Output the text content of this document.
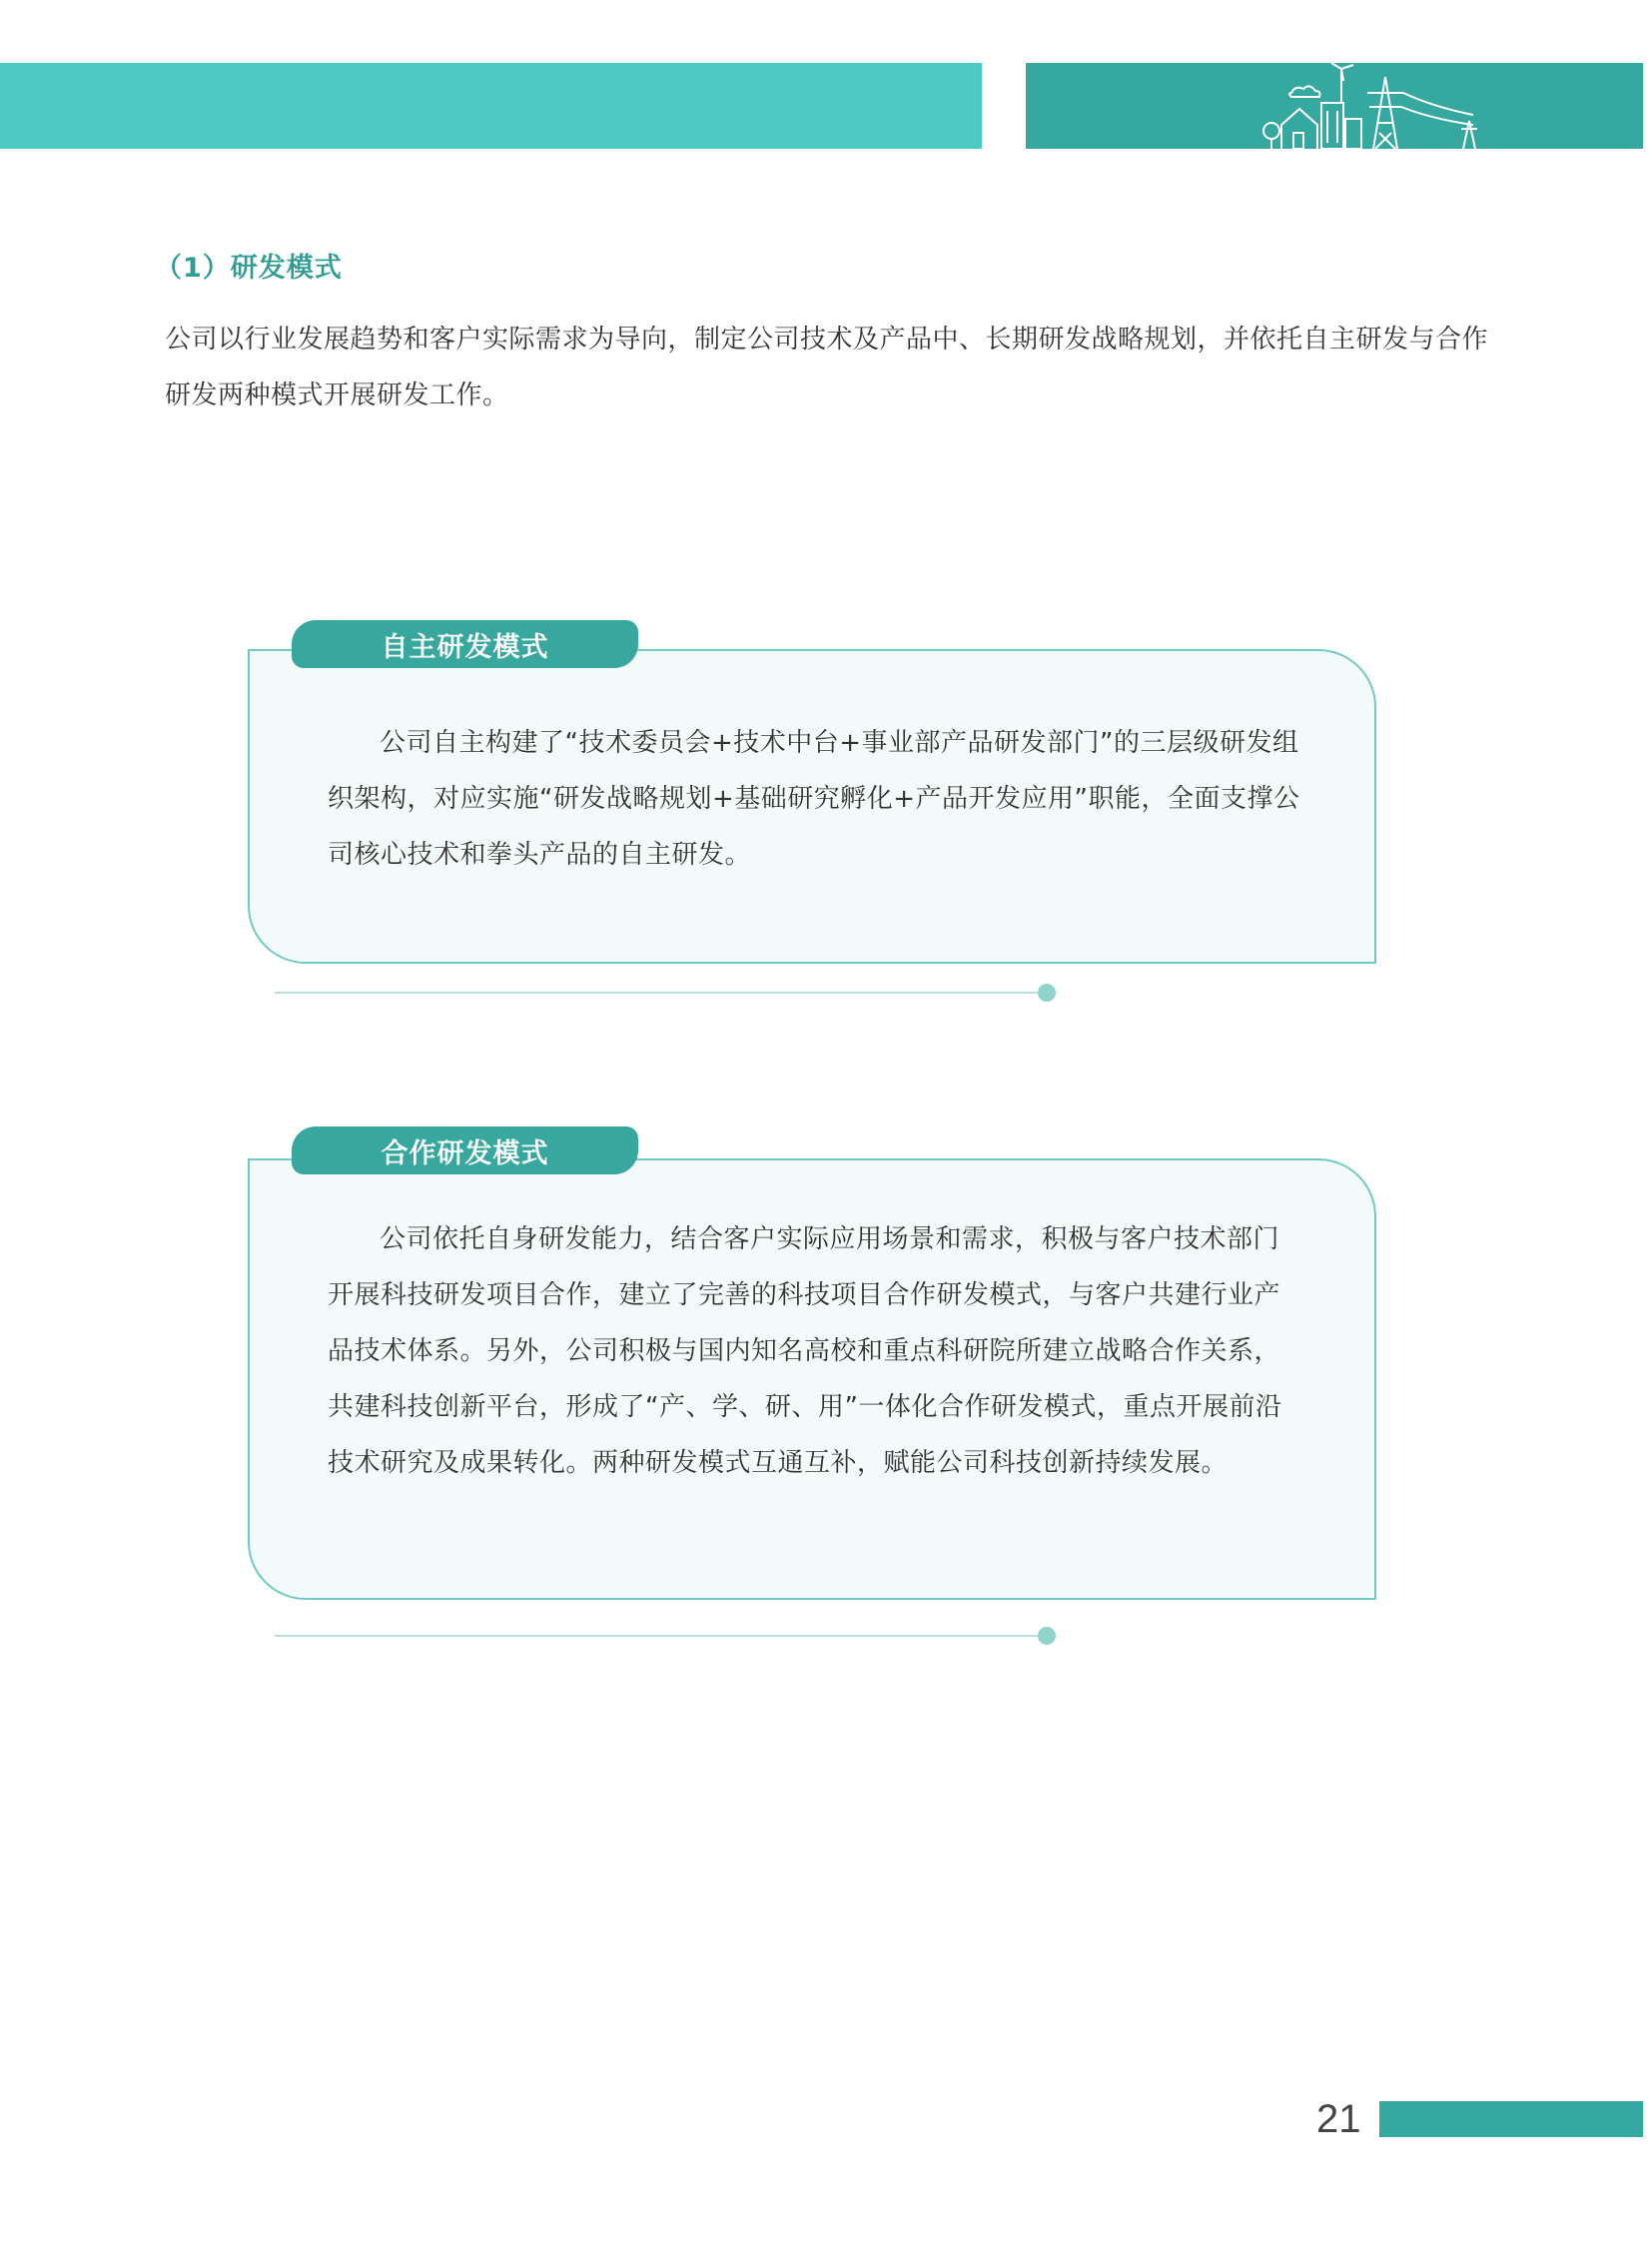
（1）研发模式

公司以行业发展趋势和客户实际需求为导向，制定公司技术及产品中、长期研发战略规划，并依托自主研发与合作研发两种模式开展研发工作。

公司自主构建了“技术委员会+技术中台+事业部产品研发部门”的三层级研发组织架构，对应实施“研发战略规划+基础研究孵化+产品开发应用”职能，全面支撑公司核心技术和拳头产品的自主研发。

自主研发模式

公司依托自身研发能力，结合客户实际应用场景和需求，积极与客户技术部门开展科技研发项目合作，建立了完善的科技项目合作研发模式，与客户共建行业产品技术体系。另外，公司积极与国内知名高校和重点科研院所建立战略合作关系，共建科技创新平台，形成了“产、学、研、用”一体化合作研发模式，重点开展前沿技术研究及成果转化。两种研发模式互通互补，赋能公司科技创新持续发展。

合作研发模式
21
